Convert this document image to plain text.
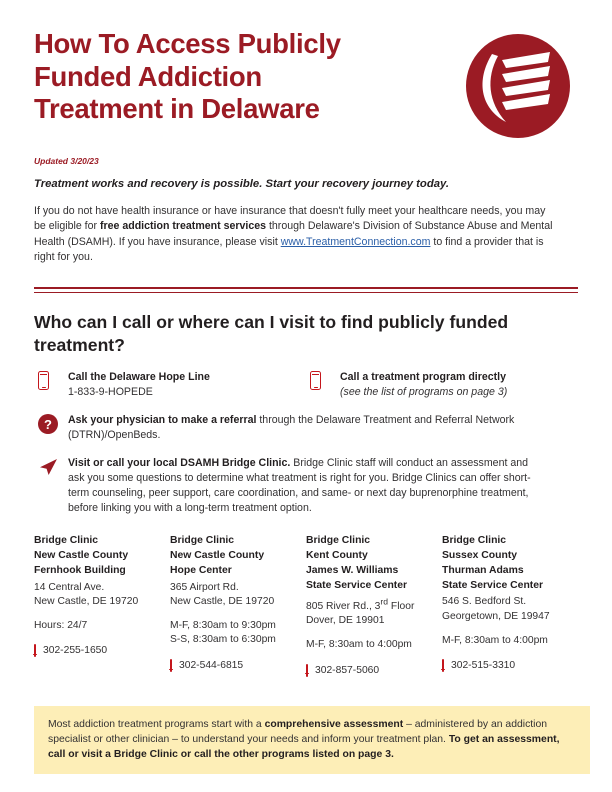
How To Access Publicly
Funded Addiction
Treatment in Delaware
Updated 3/20/23
Treatment works and recovery is possible. Start your recovery journey today.

If you do not have health insurance or have insurance that doesn't fully meet your healthcare needs, you may be eligible for free addiction treatment services through Delaware's Division of Substance Abuse and Mental Health (DSAMH). If you have insurance, please visit www.TreatmentConnection.com to find a provider that is right for you.

Who can I call or where can I visit to find publicly funded treatment?
Call the Delaware Hope Line
1-833-9-HOPEDE
Call a treatment program directly
(see the list of programs on page 3)
?	Ask your physician to make a referral through the Delaware Treatment and Referral Network (DTRN)/OpenBeds.
Visit or call your local DSAMH Bridge Clinic. Bridge Clinic staff will conduct an assessment and ask you some questions to determine what treatment is right for you. Bridge Clinics can offer short-term counseling, peer support, care coordination, and same- or next day buprenorphine treatment, before linking you with a long-term treatment option.
Bridge Clinic
New Castle County
Fernhook Building
14 Central Ave.
New Castle, DE 19720
Hours: 24/7
302-255-1650
Bridge Clinic
New Castle County
Hope Center
365 Airport Rd.
New Castle, DE 19720
M-F, 8:30am to 9:30pm
S-S, 8:30am to 6:30pm
302-544-6815
Bridge Clinic
Kent County
James W. Williams
State Service Center
805 River Rd., 3rd Floor
Dover, DE 19901
M-F, 8:30am to 4:00pm
302-857-5060
Bridge Clinic
Sussex County
Thurman Adams
State Service Center
546 S. Bedford St.
Georgetown, DE 19947
M-F, 8:30am to 4:00pm
302-515-3310
Most addiction treatment programs start with a comprehensive assessment – administered by an addiction specialist or other clinician – to understand your needs and inform your treatment plan. To get an assessment, call or visit a Bridge Clinic or call the other programs listed on page 3.
